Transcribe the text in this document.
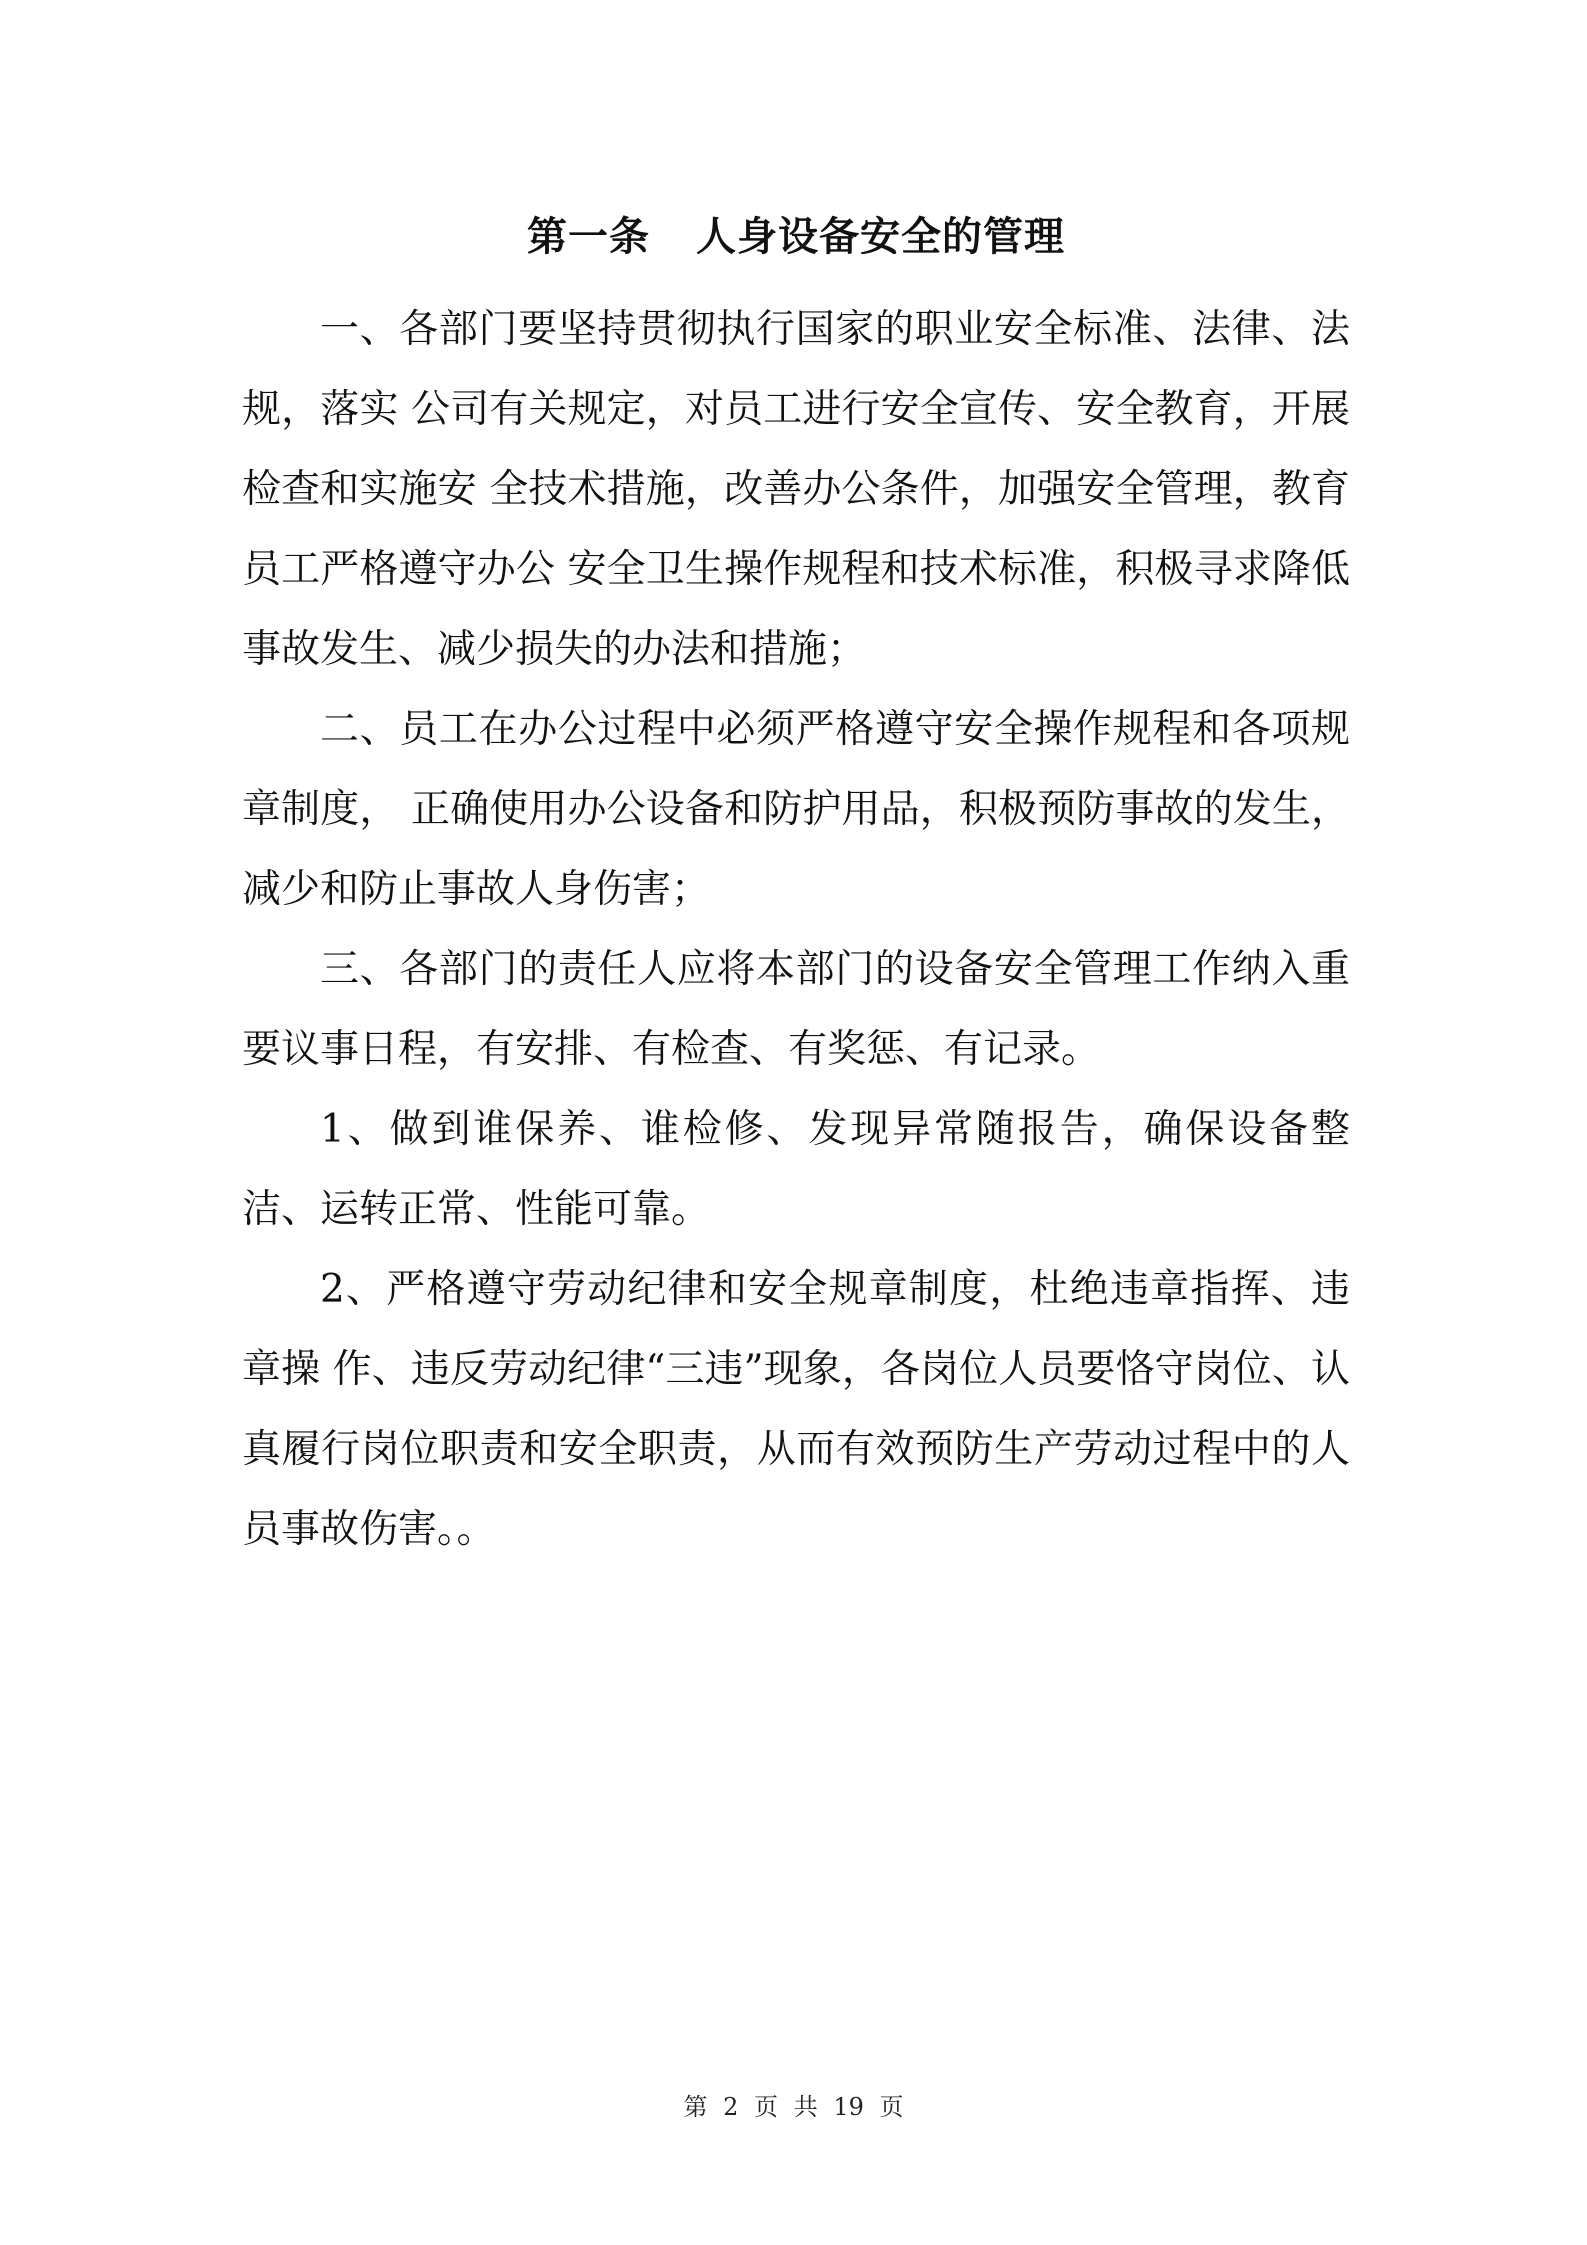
第一条 人身设备安全的管理

一、各部门要坚持贯彻执行国家的职业安全标准、法律、法规，落实 公司有关规定，对员工进行安全宣传、安全教育，开展检查和实施安 全技术措施，改善办公条件，加强安全管理，教育员工严格遵守办公 安全卫生操作规程和技术标准，积极寻求降低事故发生、减少损失的办法和措施；

二、员工在办公过程中必须严格遵守安全操作规程和各项规章制度， 正确使用办公设备和防护用品，积极预防事故的发生，减少和防止事故人身伤害；

三、各部门的责任人应将本部门的设备安全管理工作纳入重要议事日程，有安排、有检查、有奖惩、有记录。

1、做到谁保养、谁检修、发现异常随报告，确保设备整洁、运转正常、性能可靠。

2、严格遵守劳动纪律和安全规章制度，杜绝违章指挥、违章操 作、违反劳动纪律“三违”现象，各岗位人员要恪守岗位、认真履行岗位职责和安全职责，从而有效预防生产劳动过程中的人员事故伤害。。

第 2 页 共 19 页
